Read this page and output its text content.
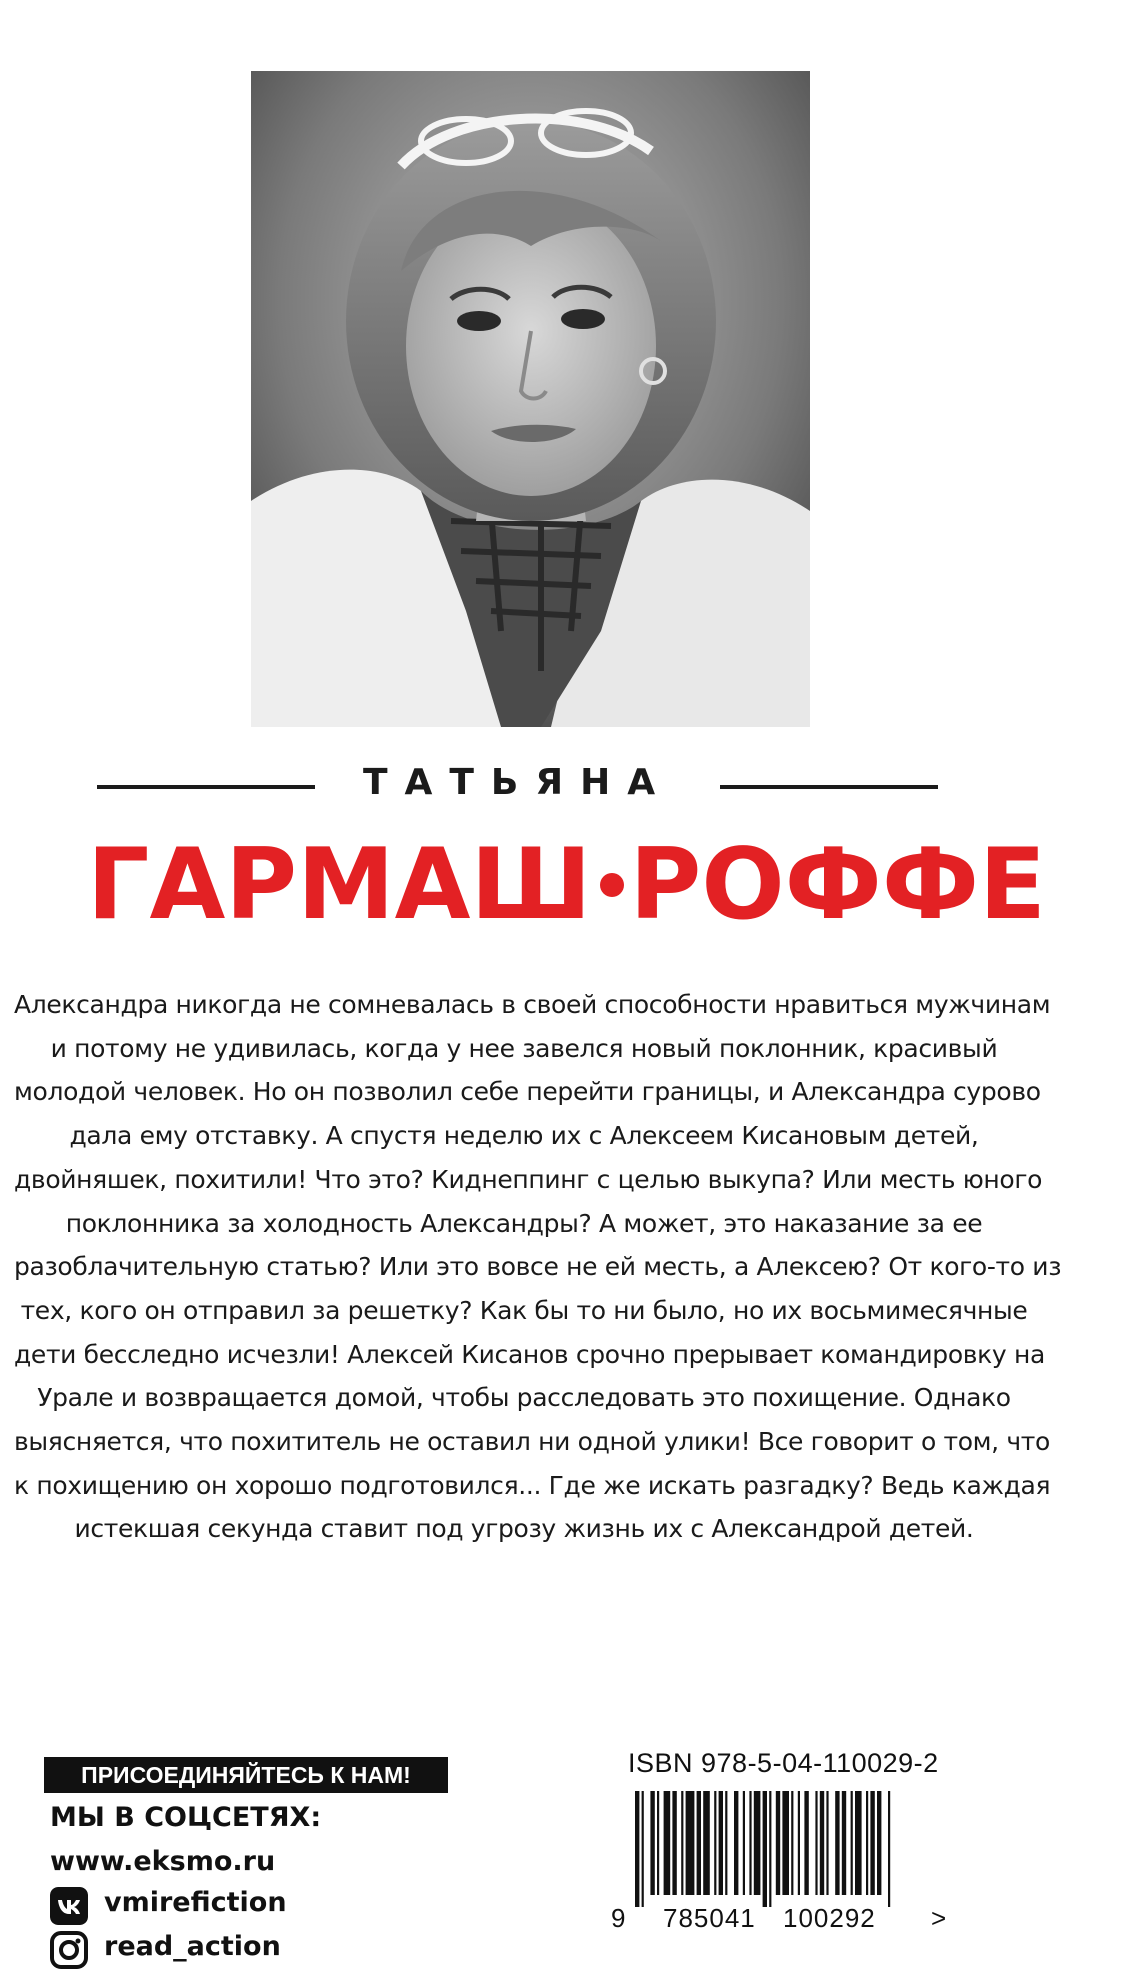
ТАТЬЯНА
ГАРМАШ РОФФЕ
Александра никогда не сомневалась в своей способности нравиться мужчинам
и потому не удивилась, когда у нее завелся новый поклонник, красивый
молодой человек. Но он позволил себе перейти границы, и Александра сурово
дала ему отставку. А спустя неделю их с Алексеем Кисановым детей,
двойняшек, похитили! Что это? Киднеппинг с целью выкупа? Или месть юного
поклонника за холодность Александры? А может, это наказание за ее
разоблачительную статью? Или это вовсе не ей месть, а Алексею? От кого-то из
тех, кого он отправил за решетку? Как бы то ни было, но их восьмимесячные
дети бесследно исчезли! Алексей Кисанов срочно прерывает командировку на
Урале и возвращается домой, чтобы расследовать это похищение. Однако
выясняется, что похититель не оставил ни одной улики! Все говорит о том, что
к похищению он хорошо подготовился... Где же искать разгадку? Ведь каждая
истекшая секунда ставит под угрозу жизнь их с Александрой детей.
ПРИСОЕДИНЯЙТЕСЬ К НАМ!
МЫ В СОЦСЕТЯХ:
www.eksmo.ru
vmirefiction
read_action
ISBN 978-5-04-110029-2
9 785041 100292 >
